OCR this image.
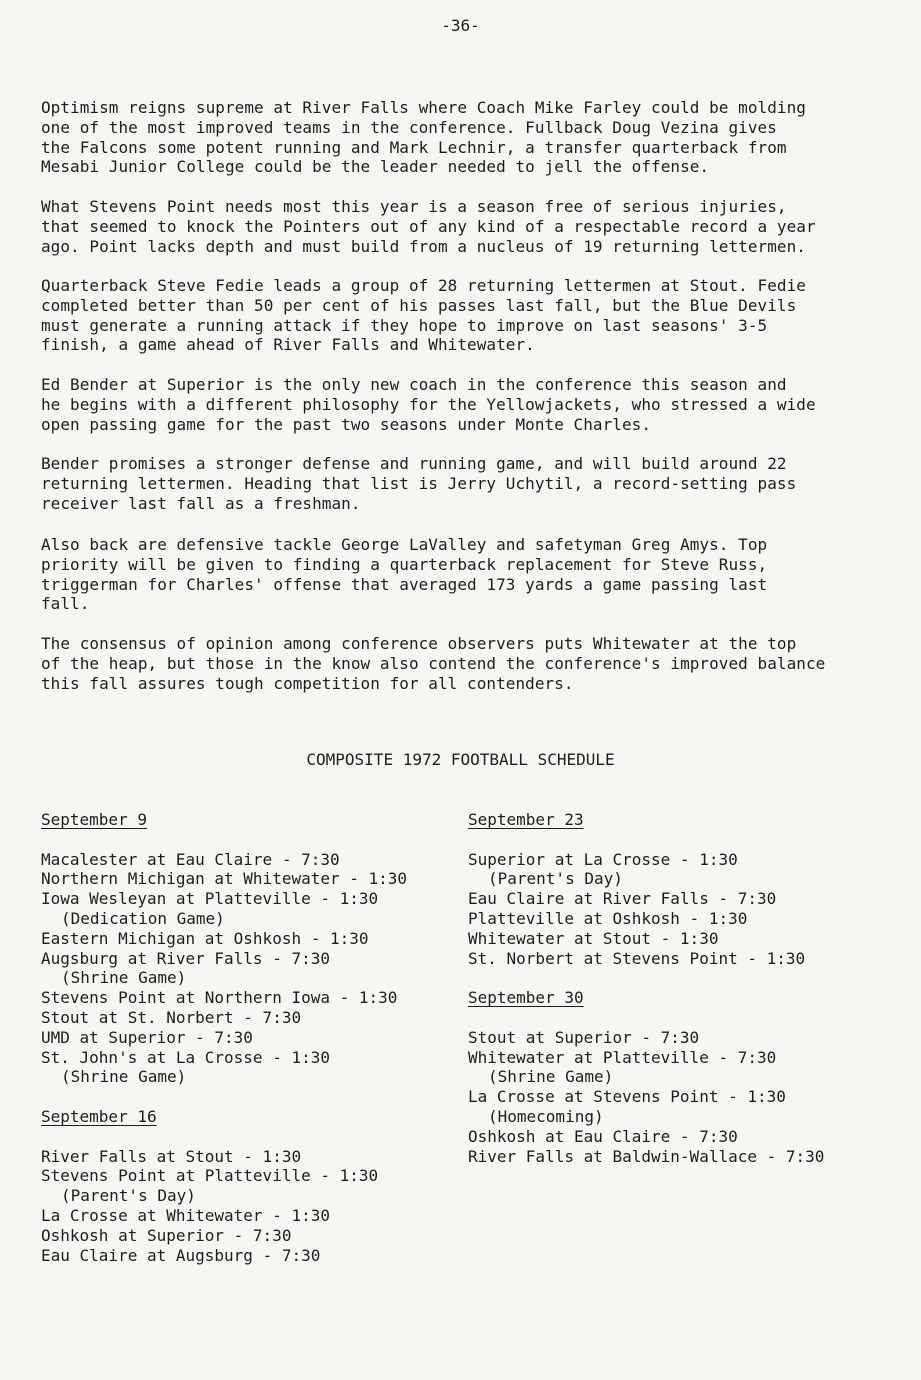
-36-

Optimism reigns supreme at River Falls where Coach Mike Farley could be molding
one of the most improved teams in the conference. Fullback Doug Vezina gives
the Falcons some potent running and Mark Lechnir, a transfer quarterback from
Mesabi Junior College could be the leader needed to jell the offense.

What Stevens Point needs most this year is a season free of serious injuries,
that seemed to knock the Pointers out of any kind of a respectable record a year
ago. Point lacks depth and must build from a nucleus of 19 returning lettermen.

Quarterback Steve Fedie leads a group of 28 returning lettermen at Stout. Fedie
completed better than 50 per cent of his passes last fall, but the Blue Devils
must generate a running attack if they hope to improve on last seasons' 3-5
finish, a game ahead of River Falls and Whitewater.

Ed Bender at Superior is the only new coach in the conference this season and
he begins with a different philosophy for the Yellowjackets, who stressed a wide
open passing game for the past two seasons under Monte Charles.

Bender promises a stronger defense and running game, and will build around 22
returning lettermen. Heading that list is Jerry Uchytil, a record-setting pass
receiver last fall as a freshman.

Also back are defensive tackle George LaValley and safetyman Greg Amys. Top
priority will be given to finding a quarterback replacement for Steve Russ,
triggerman for Charles' offense that averaged 173 yards a game passing last
fall.

The consensus of opinion among conference observers puts Whitewater at the top
of the heap, but those in the know also contend the conference's improved balance
this fall assures tough competition for all contenders.

COMPOSITE 1972 FOOTBALL SCHEDULE
September 9
Macalester at Eau Claire - 7:30
Northern Michigan at Whitewater - 1:30
Iowa Wesleyan at Platteville - 1:30
(Dedication Game)
Eastern Michigan at Oshkosh - 1:30
Augsburg at River Falls - 7:30
(Shrine Game)
Stevens Point at Northern Iowa - 1:30
Stout at St. Norbert - 7:30
UMD at Superior - 7:30
St. John's at La Crosse - 1:30
(Shrine Game)
September 16
River Falls at Stout - 1:30
Stevens Point at Platteville - 1:30
(Parent's Day)
La Crosse at Whitewater - 1:30
Oshkosh at Superior - 7:30
Eau Claire at Augsburg - 7:30
September 23
Superior at La Crosse - 1:30
(Parent's Day)
Eau Claire at River Falls - 7:30
Platteville at Oshkosh - 1:30
Whitewater at Stout - 1:30
St. Norbert at Stevens Point - 1:30
September 30
Stout at Superior - 7:30
Whitewater at Platteville - 7:30
(Shrine Game)
La Crosse at Stevens Point - 1:30
(Homecoming)
Oshkosh at Eau Claire - 7:30
River Falls at Baldwin-Wallace - 7:30
